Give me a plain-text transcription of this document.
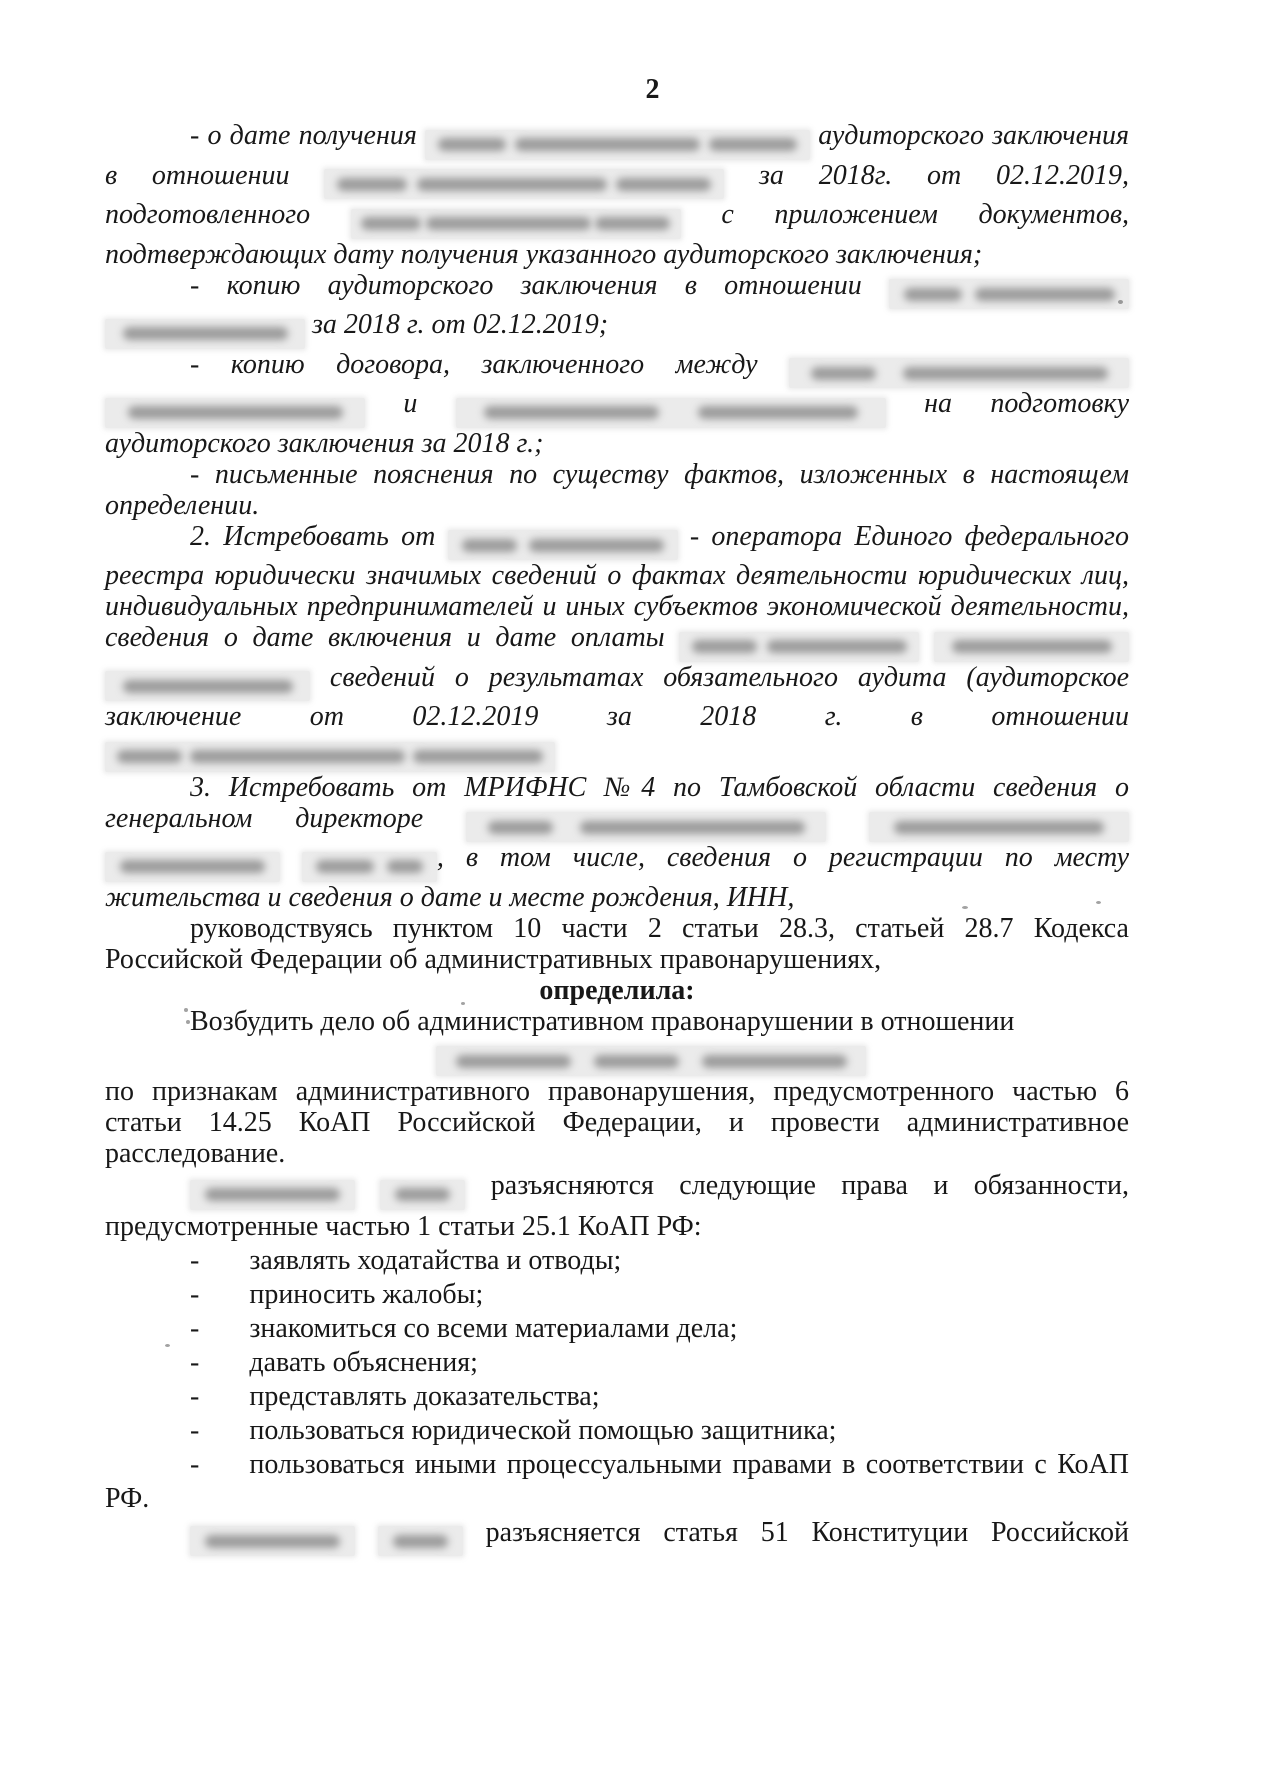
2

- о дате получения	аудиторского заключения в отношении	за 2018г. от 02.12.2019, подготовленного	с приложением документов, подтверждающих дату получения указанного аудиторского заключения;

- копию аудиторского заключения в отношении

за 2018 г. от 02.12.2019;

- копию договора, заключенного между

и	на подготовку аудиторского заключения за 2018 г.;

- письменные пояснения по существу фактов, изложенных в настоящем определении.

2. Истребовать от	- оператора Единого федерального реестра юридически значимых сведений о фактах деятельности юридических лиц, индивидуальных предпринимателей и иных субъектов экономической деятельности, сведения о дате включения и дате оплаты

сведений о результатах обязательного аудита (аудиторское заключение от 02.12.2019 за 2018 г. в отношении

3. Истребовать от МРИФНС №4 по Тамбовской области сведения о генеральном директоре

, в том числе, сведения о регистрации по месту жительства и сведения о дате и месте рождения, ИНН,

руководствуясь пунктом 10 части 2 статьи 28.3, статьей 28.7 Кодекса Российской Федерации об административных правонарушениях,

определила:

Возбудить дело об административном правонарушении в отношении

по признакам административного правонарушения, предусмотренного частью 6 статьи 14.25 КоАП Российской Федерации, и провести административное расследование.

разъясняются следующие права и обязанности, предусмотренные частью 1 статьи 25.1 КоАП РФ:

- заявлять ходатайства и отводы;

- приносить жалобы;

- знакомиться со всеми материалами дела;

- давать объяснения;

- представлять доказательства;

- пользоваться юридической помощью защитника;

- пользоваться иными процессуальными правами в соответствии с КоАП РФ.

разъясняется статья 51 Конституции Российской
